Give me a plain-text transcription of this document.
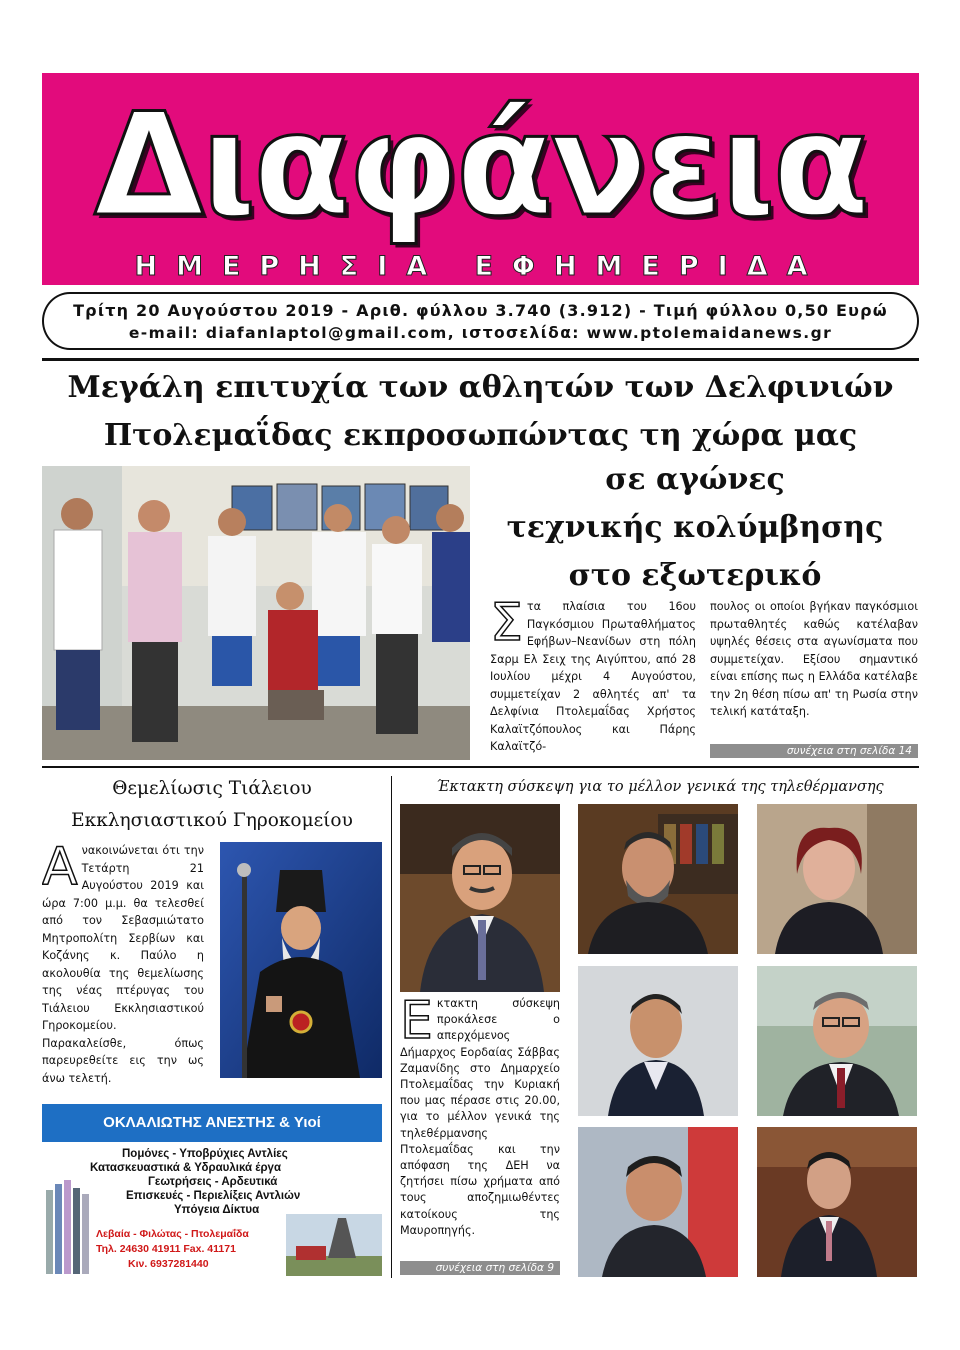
Διαφάνεια
ΗΜΕΡΗΣΙΑ ΕΦΗΜΕΡΙΔΑ
Τρίτη 20 Αυγούστου 2019 - Αριθ. φύλλου 3.740 (3.912) - Τιμή φύλλου 0,50 Ευρώ
e-mail: diafanlaptol@gmail.com, ιστοσελίδα: www.ptolemaidanews.gr
Μεγάλη επιτυχία των αθλητών των Δελφινιών
Πτολεμαΐδας εκπροσωπώντας τη χώρα μας
σε αγώνες
τεχνικής κολύμβησης
στο εξωτερικό
Στα πλαίσια του 16ου Παγκόσμιου Πρωταθλήματος Εφήβων–Νεανίδων στη πόλη Σαρμ Ελ Σειχ της Αιγύπτου, από 28 Ιουλίου μέχρι 4 Αυγούστου, συμμετείχαν 2 αθλητές απ' τα Δελφίνια Πτολεμαΐδας Χρήστος Καλαϊτζόπουλος και Πάρης Καλαϊτζό-
πουλος οι οποίοι βγήκαν παγκόσμιοι πρωταθλητές καθώς κατέλαβαν υψηλές θέσεις στα αγωνίσματα που συμμετείχαν. Εξίσου σημαντικό είναι επίσης πως η Ελλάδα κατέλαβε την 2η θέση πίσω απ' τη Ρωσία στην τελική κατάταξη.
συνέχεια στη σελίδα 14
Θεμελίωσις Τιάλειου
Εκκλησιαστικού Γηροκομείου
Ανακοινώνεται ότι την Τετάρτη 21 Αυγούστου 2019 και ώρα 7:00 μ.μ. θα τελεσθεί από τον Σεβασμιώτατο Μητροπολίτη Σερβίων και Κοζάνης κ. Παύλο η ακολουθία της θεμελίωσης της νέας πτέρυγας του Τιάλειου Εκκλησιαστικού Γηροκομείου. Παρακαλείσθε, όπως παρευρεθείτε εις την ως άνω τελετή.
ΟΚΛΑΛΙΩΤΗΣ ΑΝΕΣΤΗΣ & Υιοί
Πομόνες - Υποβρύχιες Αντλίες
Κατασκευαστικά & Υδραυλικά έργα
Γεωτρήσεις - Αρδευτικά
Επισκευές - Περιελίξεις Αντλιών
Υπόγεια Δίκτυα
Λεβαία - Φιλώτας - Πτολεμαΐδα
Τηλ. 24630 41911 Fax. 41171
Κιν. 6937281440
Έκτακτη σύσκεψη για το μέλλον γενικά της τηλεθέρμανσης
Εκτακτη σύσκεψη προκάλεσε ο απερχόμενος Δήμαρχος Εορδαίας Σάββας Ζαμανίδης στο Δημαρχείο Πτολεμαΐδας την Κυριακή που μας πέρασε στις 20.00, για το μέλλον γενικά της τηλεθέρμανσης Πτολεμαΐδας και την απόφαση της ΔΕΗ να ζητήσει πίσω χρήματα από τους αποζημιωθέντες κατοίκους της Μαυροπηγής.
συνέχεια στη σελίδα 9
